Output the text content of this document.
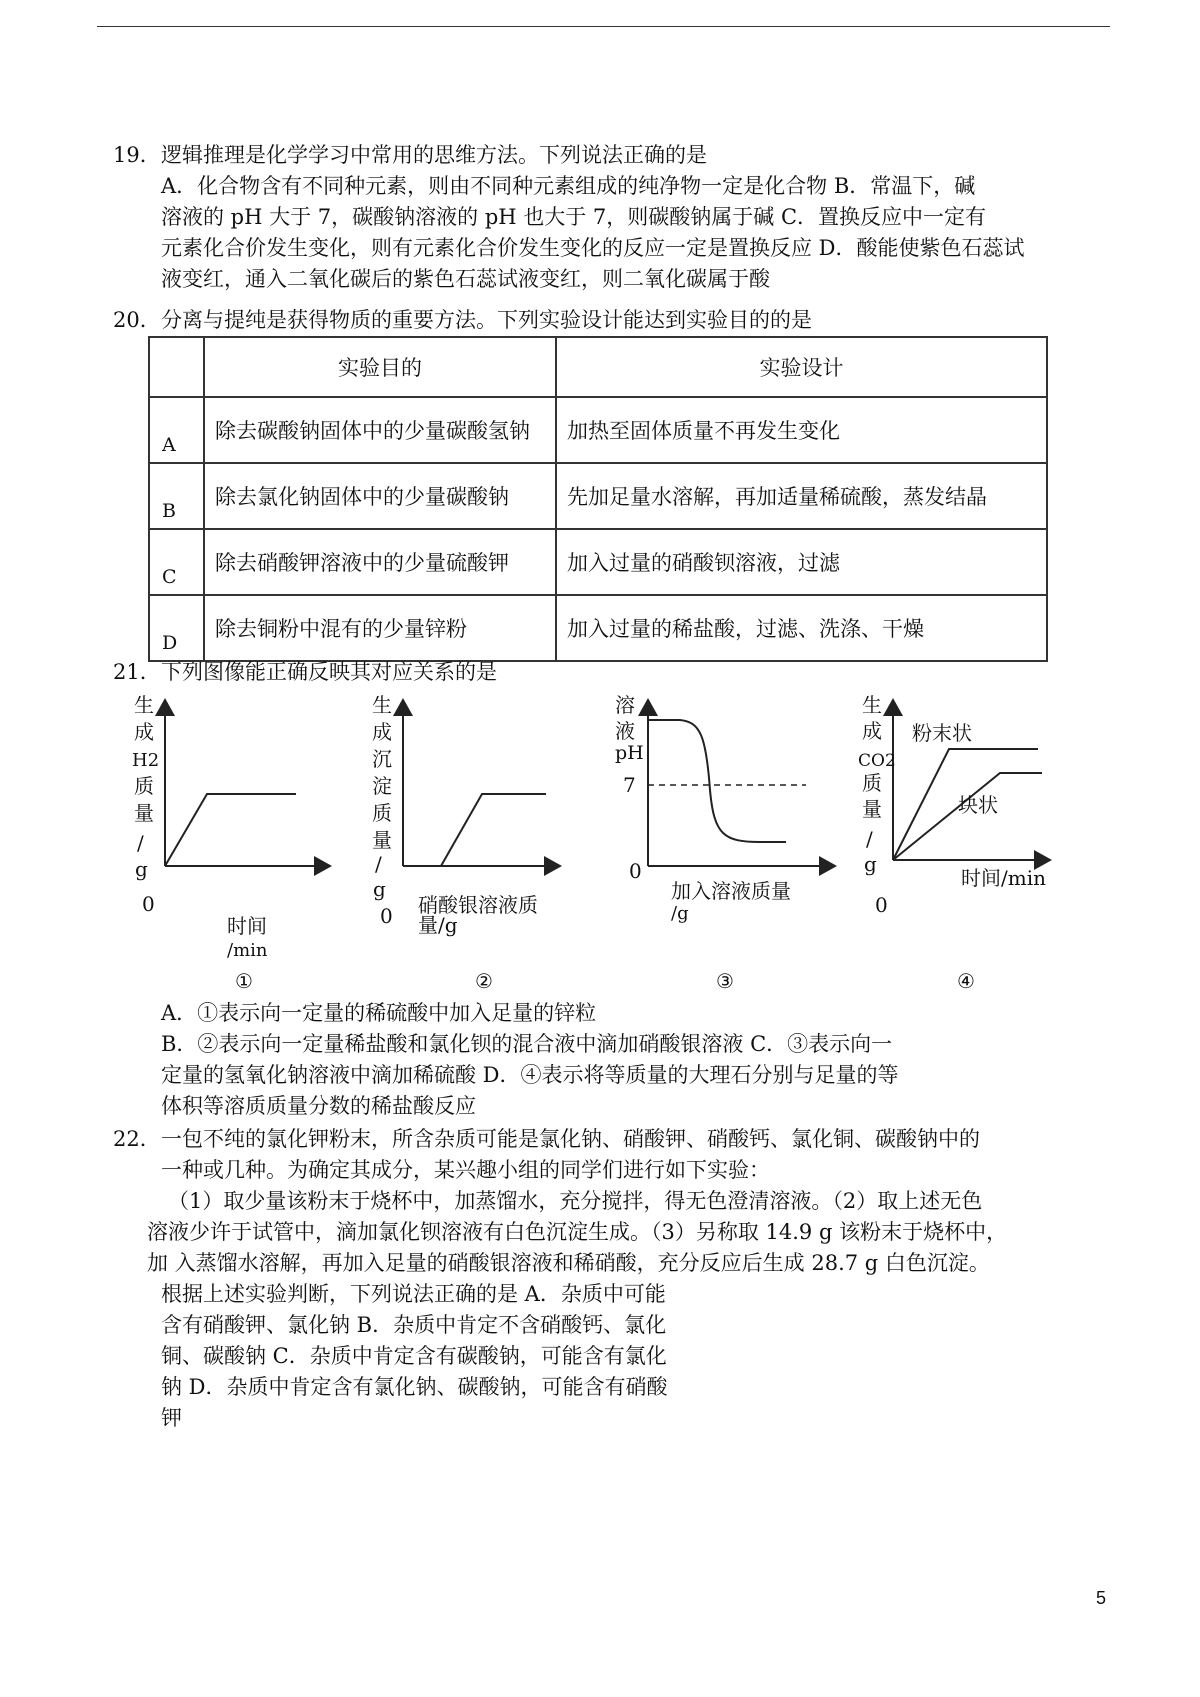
19． 逻辑推理是化学学习中常用的思维方法。下列说法正确的是
A．化合物含有不同种元素，则由不同种元素组成的纯净物一定是化合物 B．常温下，碱
溶液的 pH 大于 7，碳酸钠溶液的 pH 也大于 7，则碳酸钠属于碱 C．置换反应中一定有
元素化合价发生变化，则有元素化合价发生变化的反应一定是置换反应 D．酸能使紫色石蕊试
液变红，通入二氧化碳后的紫色石蕊试液变红，则二氧化碳属于酸
20． 分离与提纯是获得物质的重要方法。下列实验设计能达到实验目的的是
	实验目的	实验设计
A	除去碳酸钠固体中的少量碳酸氢钠	加热至固体质量不再发生变化
B	除去氯化钠固体中的少量碳酸钠	先加足量水溶解，再加适量稀硫酸，蒸发结晶
C	除去硝酸钾溶液中的少量硫酸钾	加入过量的硝酸钡溶液，过滤
D	除去铜粉中混有的少量锌粉	加入过量的稀盐酸，过滤、洗涤、干燥
21． 下列图像能正确反映其对应关系的是
生
成
H2
质
量
/
g
0
时间
/min
①
生
成
沉
淀
质
量
/
g
0 硝酸银溶液质
量/g
②
溶
液
pH
7
0
加入溶液质量
/g
③
生
成
CO2
质
量
/
g
粉末状
块状
时间/min
0
④
A．①表示向一定量的稀硫酸中加入足量的锌粒
B．②表示向一定量稀盐酸和氯化钡的混合液中滴加硝酸银溶液 C．③表示向一
定量的氢氧化钠溶液中滴加稀硫酸 D．④表示将等质量的大理石分别与足量的等
体积等溶质质量分数的稀盐酸反应
22． 一包不纯的氯化钾粉末，所含杂质可能是氯化钠、硝酸钾、硝酸钙、氯化铜、碳酸钠中的
一种或几种。为确定其成分，某兴趣小组的同学们进行如下实验：
（1）取少量该粉末于烧杯中，加蒸馏水，充分搅拌，得无色澄清溶液。（2）取上述无色
溶液少许于试管中，滴加氯化钡溶液有白色沉淀生成。（3）另称取 14.9 g 该粉末于烧杯中，
加 入蒸馏水溶解，再加入足量的硝酸银溶液和稀硝酸，充分反应后生成 28.7 g 白色沉淀。
根据上述实验判断，下列说法正确的是 A．杂质中可能
含有硝酸钾、氯化钠 B．杂质中肯定不含硝酸钙、氯化
铜、碳酸钠 C．杂质中肯定含有碳酸钠，可能含有氯化
钠 D．杂质中肯定含有氯化钠、碳酸钠，可能含有硝酸
钾
5
